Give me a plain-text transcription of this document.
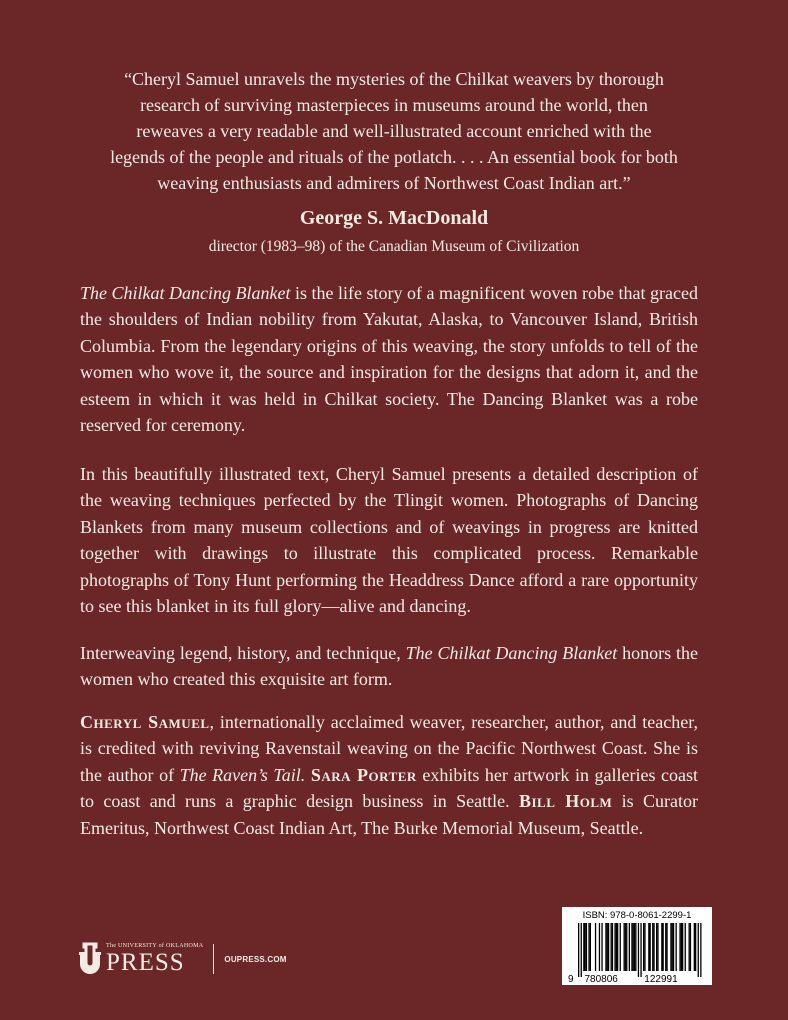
“Cheryl Samuel unravels the mysteries of the Chilkat weavers by thorough
research of surviving masterpieces in museums around the world, then
reweaves a very readable and well-illustrated account enriched with the
legends of the people and rituals of the potlatch. . . . An essential book for both
weaving enthusiasts and admirers of Northwest Coast Indian art.”
George S. MacDonald
director (1983–98) of the Canadian Museum of Civilization
The Chilkat Dancing Blanket is the life story of a magnificent woven robe that graced the shoulders of Indian nobility from Yakutat, Alaska, to Vancouver Island, British Columbia. From the legendary origins of this weaving, the story unfolds to tell of the women who wove it, the source and inspiration for the designs that adorn it, and the esteem in which it was held in Chilkat society. The Dancing Blanket was a robe reserved for ceremony.
In this beautifully illustrated text, Cheryl Samuel presents a detailed description of the weaving techniques perfected by the Tlingit women. Photographs of Dancing Blankets from many museum collections and of weavings in progress are knitted together with drawings to illustrate this complicated process. Remarkable photographs of Tony Hunt performing the Headdress Dance afford a rare opportunity to see this blanket in its full glory—alive and dancing.
Interweaving legend, history, and technique, The Chilkat Dancing Blanket honors the women who created this exquisite art form.
Cheryl Samuel, internationally acclaimed weaver, researcher, author, and teacher, is credited with reviving Ravenstail weaving on the Pacific Northwest Coast. She is the author of The Raven’s Tail. Sara Porter exhibits her artwork in galleries coast to coast and runs a graphic design business in Seattle. Bill Holm is Curator Emeritus, Northwest Coast Indian Art, The Burke Memorial Museum, Seattle.
The UNIVERSITY of OKLAHOMA
PRESS	OUPRESS.COM
ISBN: 978-0-8061-2299-1
9 780806	122991
